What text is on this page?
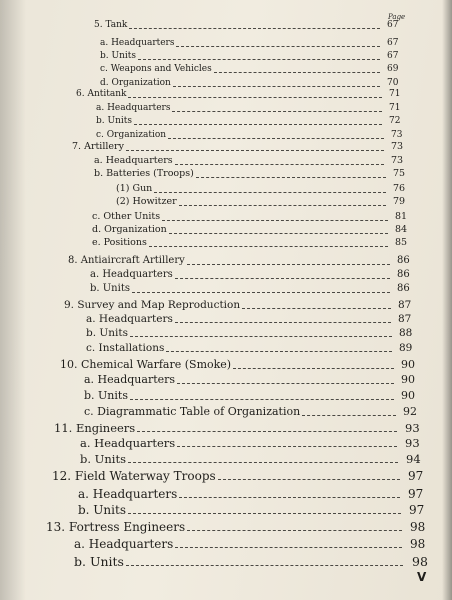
Page
5. Tank	67
a. Headquarters	67
b. Units	67
c. Weapons and Vehicles	69
d. Organization	70
6. Antitank	71
a. Headquarters	71
b. Units	72
c. Organization	73
7. Artillery	73
a. Headquarters	73
b. Batteries (Troops)	75
(1) Gun	76
(2) Howitzer	79
c. Other Units	81
d. Organization	84
e. Positions	85
8. Antiaircraft Artillery	86
a. Headquarters	86
b. Units	86
9. Survey and Map Reproduction	87
a. Headquarters	87
b. Units	88
c. Installations	89
10. Chemical Warfare (Smoke)	90
a. Headquarters	90
b. Units	90
c. Diagrammatic Table of Organization	92
11. Engineers	93
a. Headquarters	93
b. Units	94
12. Field Waterway Troops	97
a. Headquarters	97
b. Units	97
13. Fortress Engineers	98
a. Headquarters	98
b. Units	98
V
